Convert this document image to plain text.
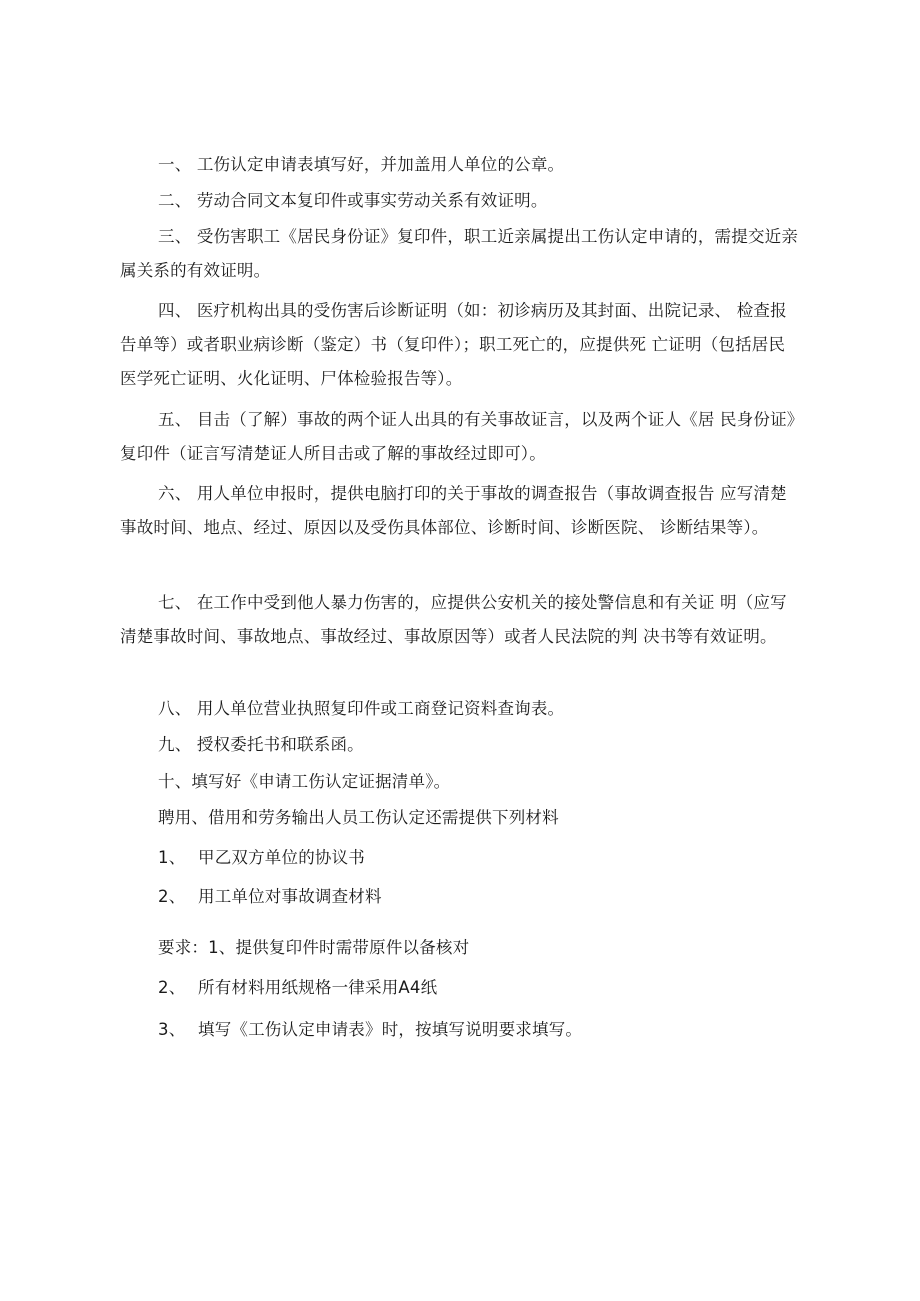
一、 工伤认定申请表填写好，并加盖用人单位的公章。

二、 劳动合同文本复印件或事实劳动关系有效证明。

三、 受伤害职工《居民身份证》复印件，职工近亲属提出工伤认定申请的，需提交近亲属关系的有效证明。

四、 医疗机构出具的受伤害后诊断证明（如：初诊病历及其封面、出院记录、 检查报告单等）或者职业病诊断（鉴定）书（复印件）；职工死亡的，应提供死 亡证明（包括居民医学死亡证明、火化证明、尸体检验报告等）。

五、 目击（了解）事故的两个证人出具的有关事故证言，以及两个证人《居 民身份证》复印件（证言写清楚证人所目击或了解的事故经过即可）。

六、 用人单位申报时，提供电脑打印的关于事故的调查报告（事故调查报告 应写清楚事故时间、地点、经过、原因以及受伤具体部位、诊断时间、诊断医院、 诊断结果等）。

七、 在工作中受到他人暴力伤害的，应提供公安机关的接处警信息和有关证 明（应写清楚事故时间、事故地点、事故经过、事故原因等）或者人民法院的判 决书等有效证明。

八、 用人单位营业执照复印件或工商登记资料查询表。

九、 授权委托书和联系函。

十、填写好《申请工伤认定证据清单》。

聘用、借用和劳务输出人员工伤认定还需提供下列材料

1、 甲乙双方单位的协议书
2、 用工单位对事故调查材料
要求：1、提供复印件时需带原件以备核对
2、 所有材料用纸规格一律采用A4纸
3、 填写《工伤认定申请表》时，按填写说明要求填写。
